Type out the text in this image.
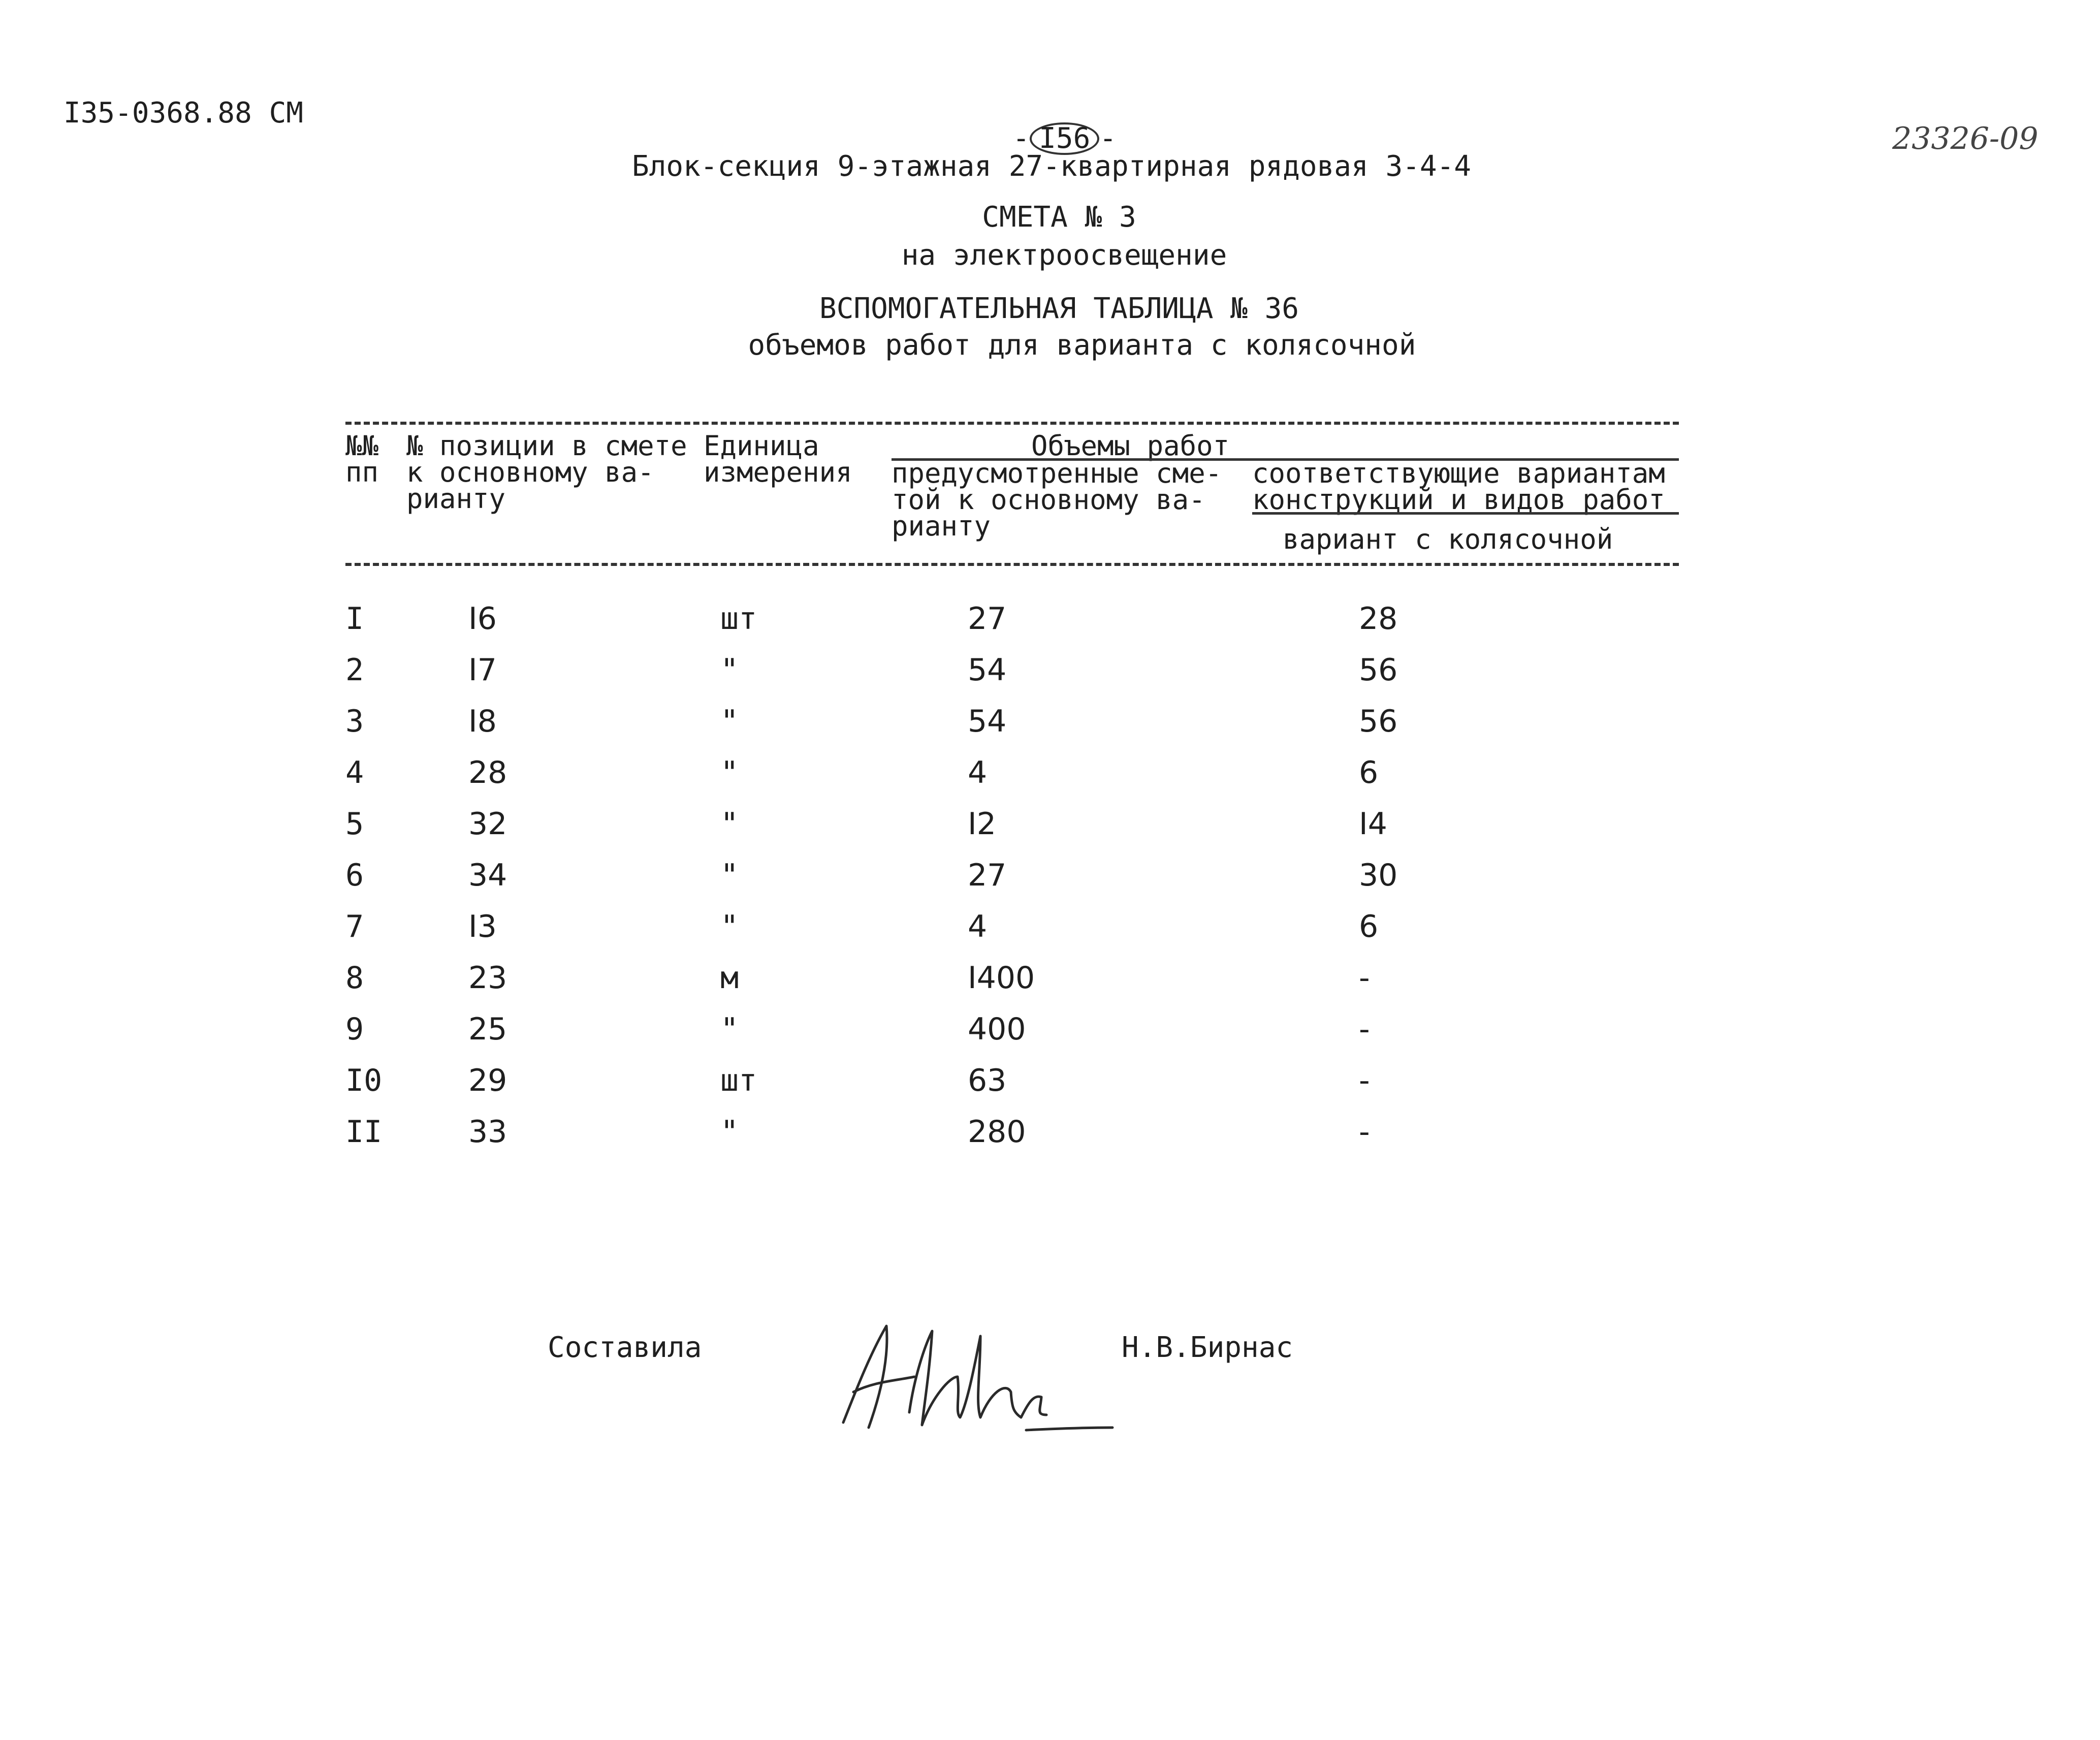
I35-0368.88 СМ

- I56 -	23326-09
Блок-секция 9-этажная 27-квартирная рядовая 3-4-4
СМЕТА № 3
на электроосвещение
ВСПОМОГАТЕЛЬНАЯ ТАБЛИЦА № 36
объемов работ для варианта с колясочной
№№
пп
№ позиции в смете
к основному ва-
рианту
Единица
измерения
Объемы работ
предусмотренные сме-
той к основному ва-
рианту
соответствующие вариантам
конструкций и видов работ
вариант с колясочной
I	I6	шт	27	28
2	I7	"	54	56
3	I8	"	54	56
4	28	"	4	6
5	32	"	I2	I4
6	34	"	27	30
7	I3	"	4	6
8	23	м	I400	-
9	25	"	400	-
I0	29	шт	63	-
II	33	"	280	-
Составила	Н.В.Бирнас
